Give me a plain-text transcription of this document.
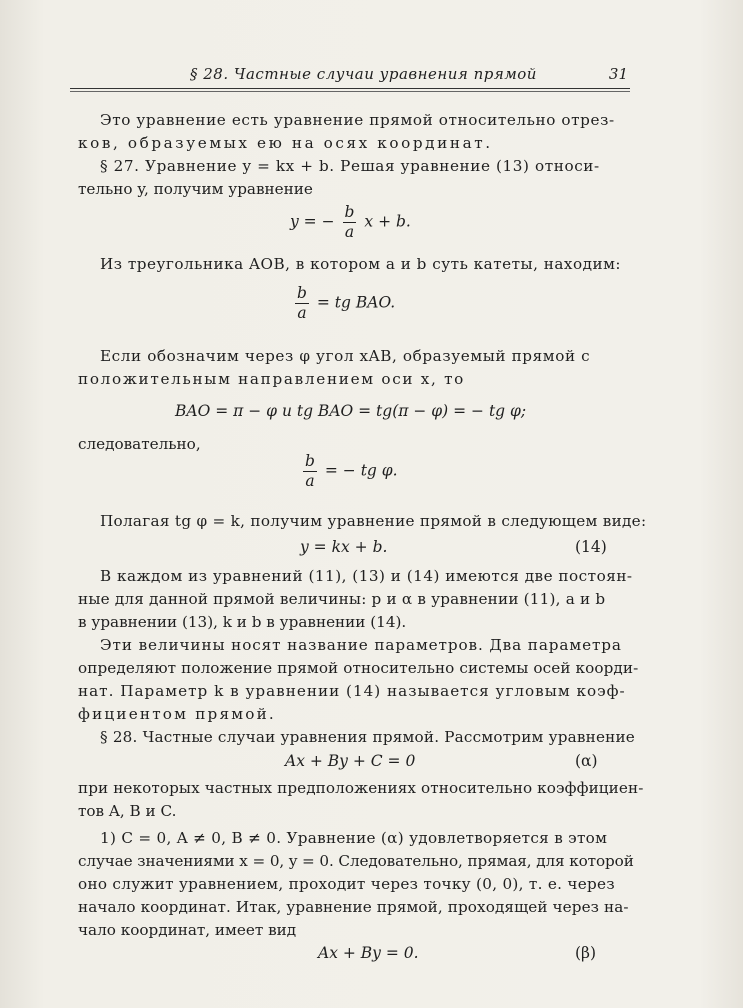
§ 28. Частные случаи уравнения прямой	31
Это уравнение есть уравнение прямой относительно отрез-
ков, образуемых ею на осях координат.
§ 27. Уравнение y = kx + b. Решая уравнение (13) относи-
тельно y, получим уравнение
y = − $\frac{b}{a}$ x + b.
Из треугольника AOB, в котором a и b суть катеты, находим:
$\frac{b}{a}$ = tg BAO.
Если обозначим через φ угол xAB, образуемый прямой с
положительным направлением оси x, то
BAO = π − φ и tg BAO = tg(π − φ) = − tg φ;
следовательно,
$\frac{b}{a}$ = − tg φ.
Полагая tg φ = k, получим уравнение прямой в следующем виде:
y = kx + b.	(14)
В каждом из уравнений (11), (13) и (14) имеются две постоян-
ные для данной прямой величины: p и α в уравнении (11), a и b
в уравнении (13), k и b в уравнении (14).
Эти величины носят название параметров. Два параметра
определяют положение прямой относительно системы осей коорди-
нат. Параметр k в уравнении (14) называется угловым коэф-
фициентом прямой.
§ 28. Частные случаи уравнения прямой. Рассмотрим уравнение
Ax + By + C = 0	(α)
при некоторых частных предположениях относительно коэффициен-
тов A, B и C.
1) C = 0, A ≠ 0, B ≠ 0. Уравнение (α) удовлетворяется в этом
случае значениями x = 0, y = 0. Следовательно, прямая, для которой
оно служит уравнением, проходит через точку (0, 0), т. е. через
начало координат. Итак, уравнение прямой, проходящей через на-
чало координат, имеет вид
Ax + By = 0.	(β)
